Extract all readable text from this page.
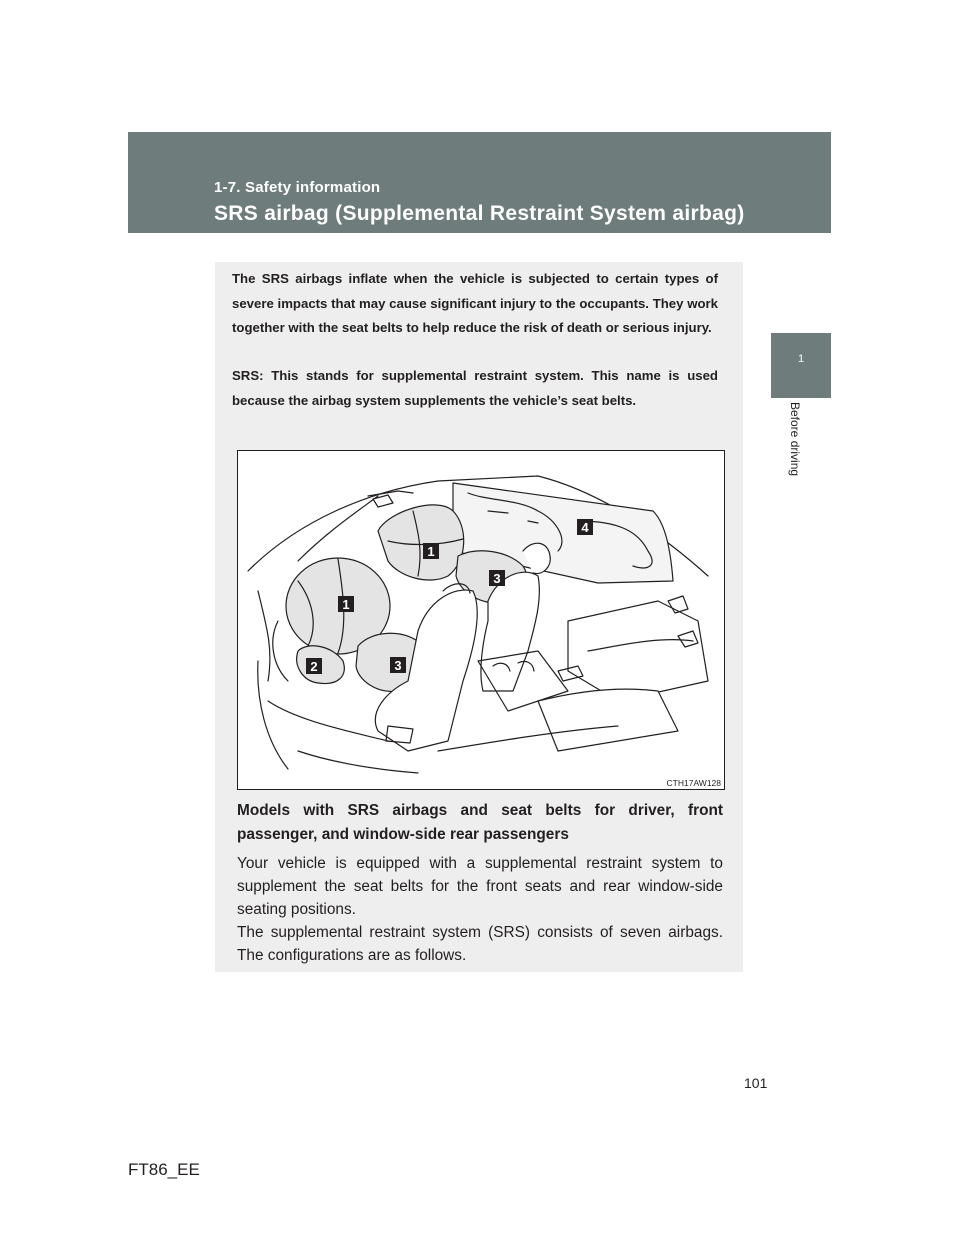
1-7. Safety information
SRS airbag (Supplemental Restraint System airbag)
1
Before driving
The SRS airbags inflate when the vehicle is subjected to certain types of severe impacts that may cause significant injury to the occupants. They work together with the seat belts to help reduce the risk of death or serious injury.
SRS: This stands for supplemental restraint system. This name is used because the airbag system supplements the vehicle’s seat belts.
1
1
2	3
3
4
CTH17AW128
Models with SRS airbags and seat belts for driver, front passenger, and window-side rear passengers

Your vehicle is equipped with a supplemental restraint system to supplement the seat belts for the front seats and rear window-side seating positions.

The supplemental restraint system (SRS) consists of seven airbags. The configurations are as follows.

101
FT86_EE
